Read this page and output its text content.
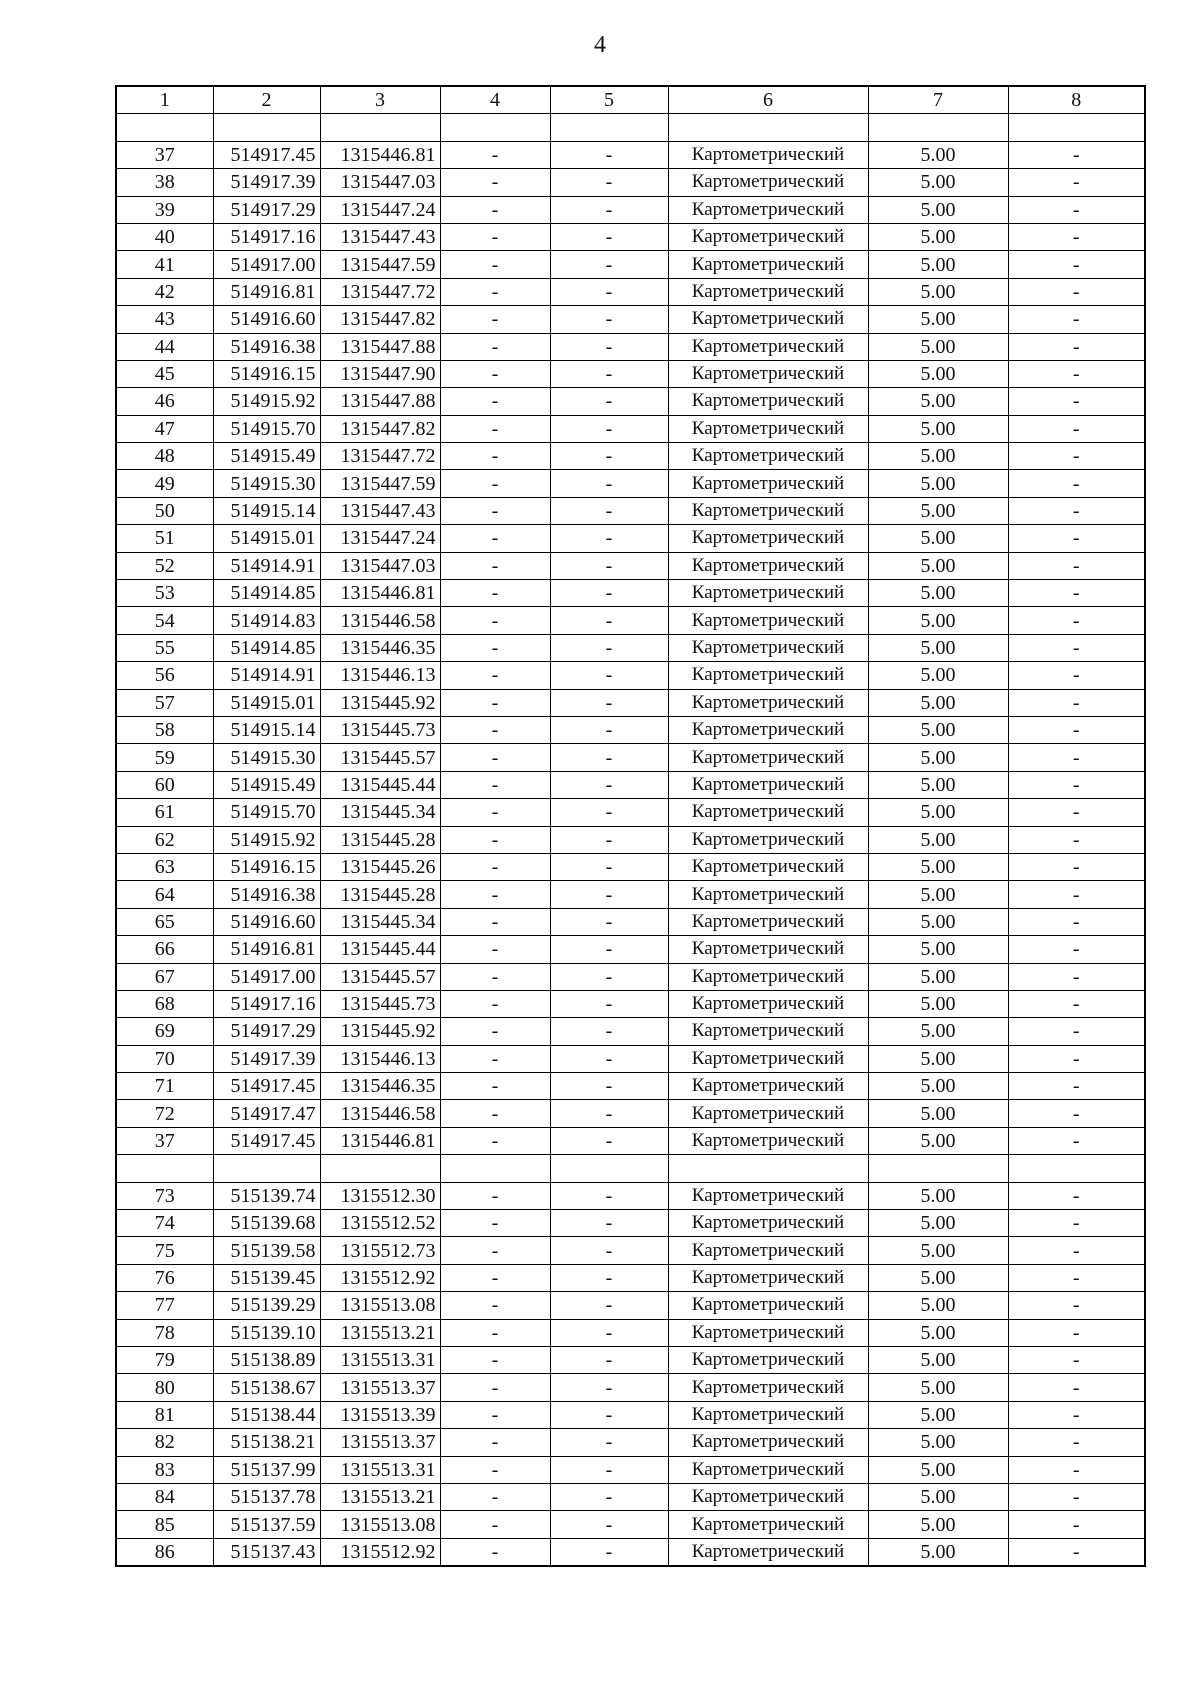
4
1	2	3	4	5	6	7	8

37	514917.45	1315446.81	-	-	Картометрический	5.00	-
38	514917.39	1315447.03	-	-	Картометрический	5.00	-
39	514917.29	1315447.24	-	-	Картометрический	5.00	-
40	514917.16	1315447.43	-	-	Картометрический	5.00	-
41	514917.00	1315447.59	-	-	Картометрический	5.00	-
42	514916.81	1315447.72	-	-	Картометрический	5.00	-
43	514916.60	1315447.82	-	-	Картометрический	5.00	-
44	514916.38	1315447.88	-	-	Картометрический	5.00	-
45	514916.15	1315447.90	-	-	Картометрический	5.00	-
46	514915.92	1315447.88	-	-	Картометрический	5.00	-
47	514915.70	1315447.82	-	-	Картометрический	5.00	-
48	514915.49	1315447.72	-	-	Картометрический	5.00	-
49	514915.30	1315447.59	-	-	Картометрический	5.00	-
50	514915.14	1315447.43	-	-	Картометрический	5.00	-
51	514915.01	1315447.24	-	-	Картометрический	5.00	-
52	514914.91	1315447.03	-	-	Картометрический	5.00	-
53	514914.85	1315446.81	-	-	Картометрический	5.00	-
54	514914.83	1315446.58	-	-	Картометрический	5.00	-
55	514914.85	1315446.35	-	-	Картометрический	5.00	-
56	514914.91	1315446.13	-	-	Картометрический	5.00	-
57	514915.01	1315445.92	-	-	Картометрический	5.00	-
58	514915.14	1315445.73	-	-	Картометрический	5.00	-
59	514915.30	1315445.57	-	-	Картометрический	5.00	-
60	514915.49	1315445.44	-	-	Картометрический	5.00	-
61	514915.70	1315445.34	-	-	Картометрический	5.00	-
62	514915.92	1315445.28	-	-	Картометрический	5.00	-
63	514916.15	1315445.26	-	-	Картометрический	5.00	-
64	514916.38	1315445.28	-	-	Картометрический	5.00	-
65	514916.60	1315445.34	-	-	Картометрический	5.00	-
66	514916.81	1315445.44	-	-	Картометрический	5.00	-
67	514917.00	1315445.57	-	-	Картометрический	5.00	-
68	514917.16	1315445.73	-	-	Картометрический	5.00	-
69	514917.29	1315445.92	-	-	Картометрический	5.00	-
70	514917.39	1315446.13	-	-	Картометрический	5.00	-
71	514917.45	1315446.35	-	-	Картометрический	5.00	-
72	514917.47	1315446.58	-	-	Картометрический	5.00	-
37	514917.45	1315446.81	-	-	Картометрический	5.00	-

73	515139.74	1315512.30	-	-	Картометрический	5.00	-
74	515139.68	1315512.52	-	-	Картометрический	5.00	-
75	515139.58	1315512.73	-	-	Картометрический	5.00	-
76	515139.45	1315512.92	-	-	Картометрический	5.00	-
77	515139.29	1315513.08	-	-	Картометрический	5.00	-
78	515139.10	1315513.21	-	-	Картометрический	5.00	-
79	515138.89	1315513.31	-	-	Картометрический	5.00	-
80	515138.67	1315513.37	-	-	Картометрический	5.00	-
81	515138.44	1315513.39	-	-	Картометрический	5.00	-
82	515138.21	1315513.37	-	-	Картометрический	5.00	-
83	515137.99	1315513.31	-	-	Картометрический	5.00	-
84	515137.78	1315513.21	-	-	Картометрический	5.00	-
85	515137.59	1315513.08	-	-	Картометрический	5.00	-
86	515137.43	1315512.92	-	-	Картометрический	5.00	-
